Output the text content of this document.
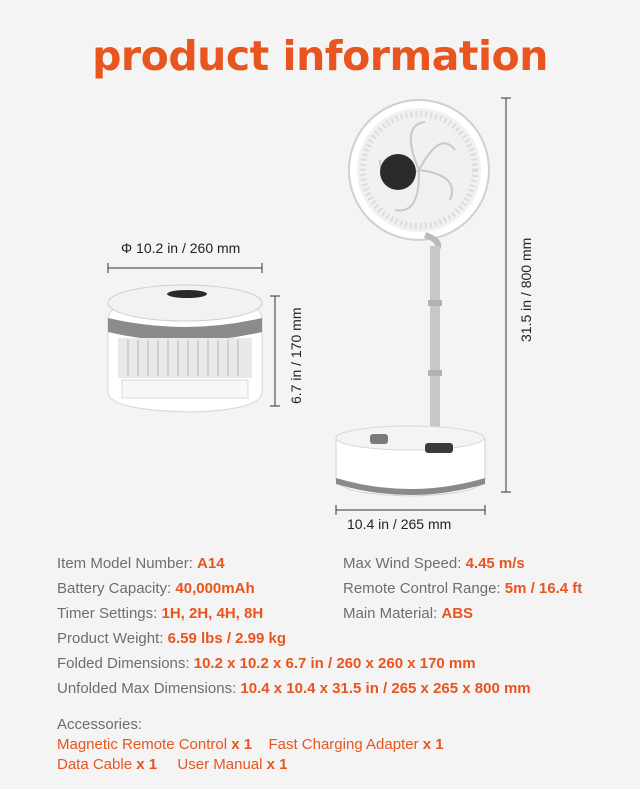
product information
Φ 10.2 in / 260 mm
6.7 in / 170 mm
31.5 in / 800 mm
10.4 in / 265 mm
Item Model Number: A14	Max Wind Speed: 4.45 m/s
Battery Capacity: 40,000mAh	Remote Control Range: 5m / 16.4 ft
Timer Settings: 1H, 2H, 4H, 8H	Main Material: ABS
Product Weight: 6.59 lbs / 2.99 kg
Folded Dimensions: 10.2 x 10.2 x 6.7 in / 260 x 260 x 170 mm
Unfolded Max Dimensions: 10.4 x 10.4 x 31.5 in / 265 x 265 x 800 mm
Accessories:
Magnetic Remote Control x 1 Fast Charging Adapter x 1
Data Cable x 1 User Manual x 1
